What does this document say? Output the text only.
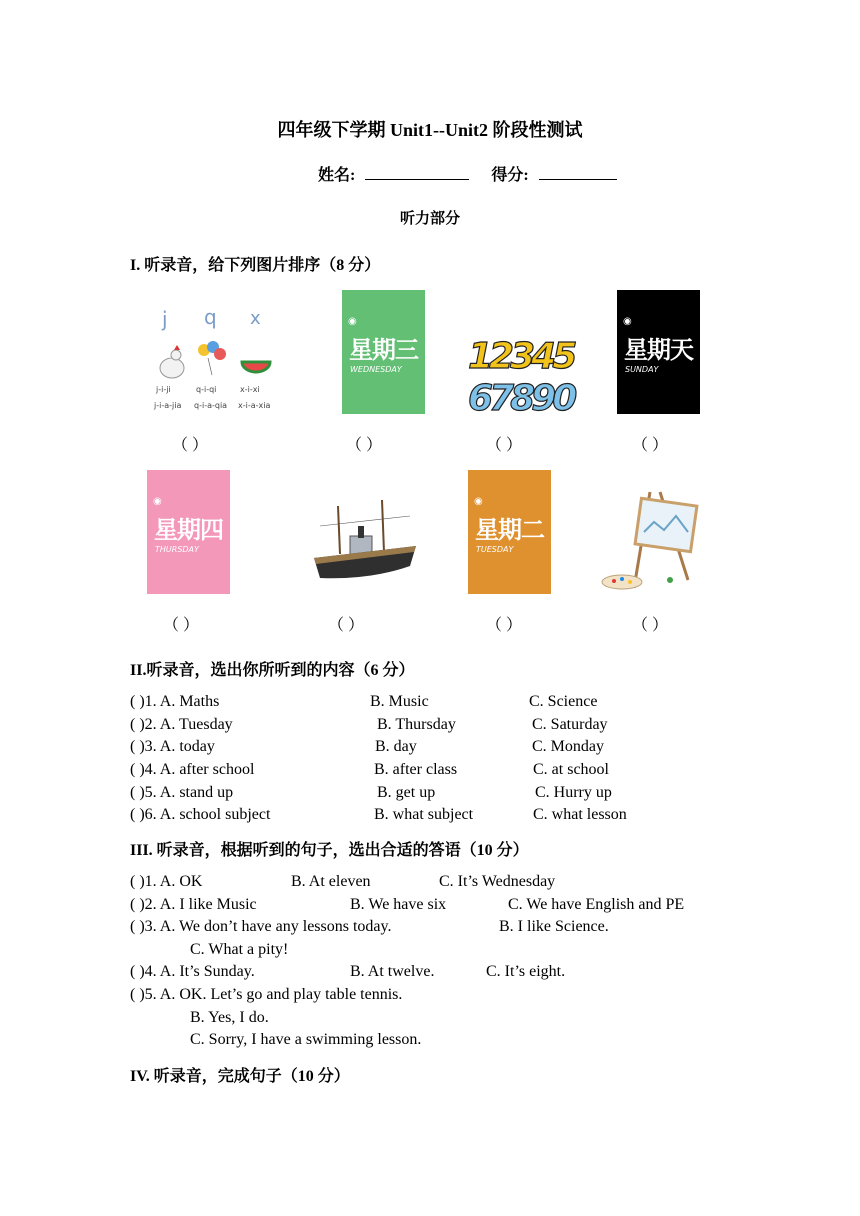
四年级下学期 Unit1--Unit2 阶段性测试
姓名:	得分:
听力部分
I. 听录音，给下列图片排序（8 分）
j q x
j-i-ji	q-i-qi	x-i-xi
j-i-a-jia q-i-a-qia x-i-a-xia
◉
星期三
WEDNESDAY 12345
67890
◉
星期天
SUNDAY
（ ）	（ ）	（ ）	（ ）
◉
星期四
THURSDAY
◉
星期二
TUESDAY
（ ）	（ ）	（ ）	（ ）
II.听录音，选出你所听到的内容（6 分）
( )1. A. Maths	B. Music	C. Science
( )2. A. Tuesday	B. Thursday	C. Saturday
( )3. A. today	B. day	C. Monday
( )4. A. after school	B. after class	C. at school
( )5. A. stand up	B. get up	C. Hurry up
( )6. A. school subject	B. what subject	C. what lesson
III. 听录音，根据听到的句子，选出合适的答语（10 分）
( )1. A. OK	B. At eleven	C. It’s Wednesday
( )2. A. I like Music	B. We have six	C. We have English and PE
( )3. A. We don’t have any lessons today.	B. I like Science.
C. What a pity!
( )4. A. It’s Sunday.	B. At twelve.	C. It’s eight.
( )5. A. OK. Let’s go and play table tennis.
B. Yes, I do.
C. Sorry, I have a swimming lesson.
IV. 听录音，完成句子（10 分）
